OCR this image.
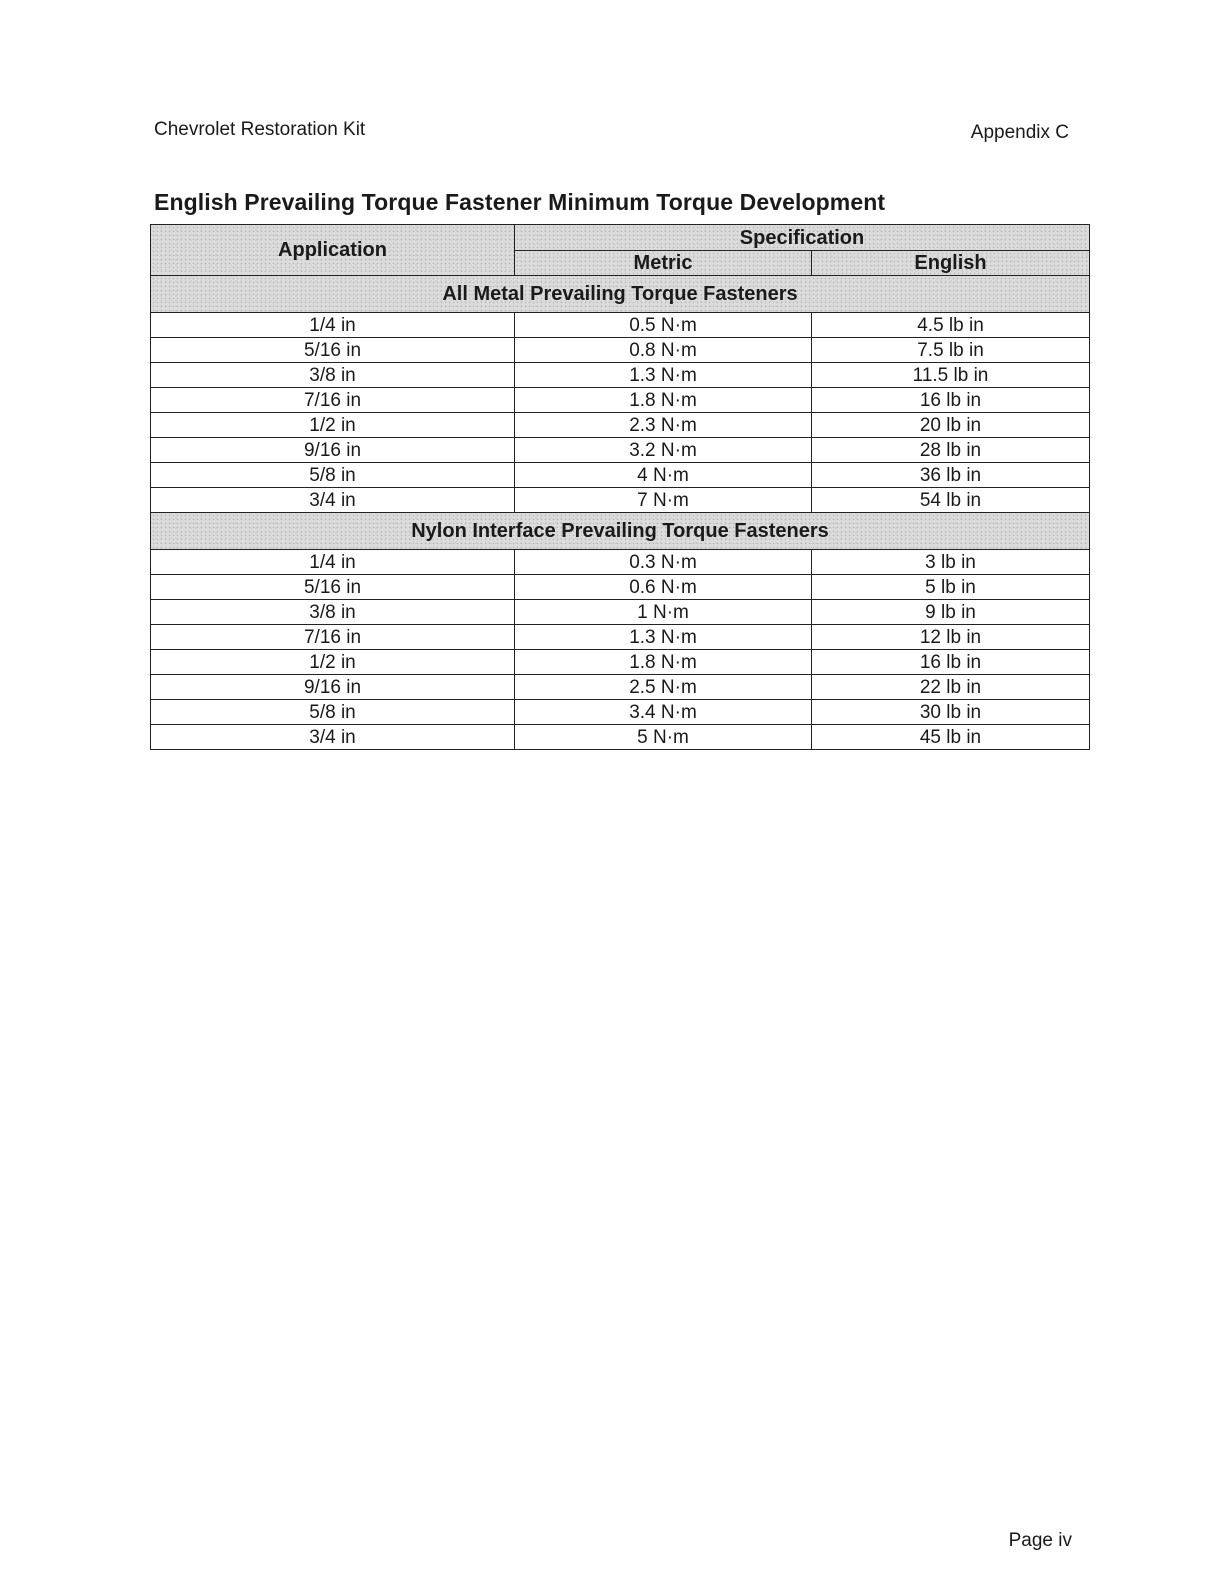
Chevrolet Restoration Kit	Appendix C
English Prevailing Torque Fastener Minimum Torque Development
Application	Specification	
	Metric	English
All Metal Prevailing Torque Fasteners		
1/4 in	0.5 N·m	4.5 lb in
5/16 in	0.8 N·m	7.5 lb in
3/8 in	1.3 N·m	11.5 lb in
7/16 in	1.8 N·m	16 lb in
1/2 in	2.3 N·m	20 lb in
9/16 in	3.2 N·m	28 lb in
5/8 in	4 N·m	36 lb in
3/4 in	7 N·m	54 lb in
Nylon Interface Prevailing Torque Fasteners		
1/4 in	0.3 N·m	3 lb in
5/16 in	0.6 N·m	5 lb in
3/8 in	1 N·m	9 lb in
7/16 in	1.3 N·m	12 lb in
1/2 in	1.8 N·m	16 lb in
9/16 in	2.5 N·m	22 lb in
5/8 in	3.4 N·m	30 lb in
3/4 in	5 N·m	45 lb in
Page iv
